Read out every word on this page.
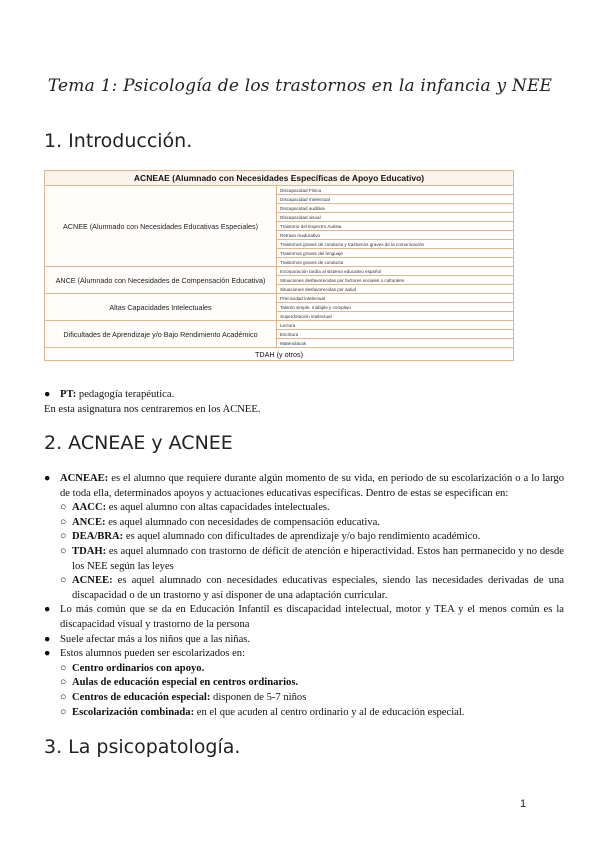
Tema 1: Psicología de los trastornos en la infancia y NEE
1. Introducción.
ACNEAE (Alumnado con Necesidades Específicas de Apoyo Educativo)	
ACNEE (Alumnado con Necesidades Educativas Especiales)	Discapacidad Física
	Discapacidad Intelectual
	Discapacidad auditiva
	Discapacidad visual
	Trastorno del Espectro Autista
	Retraso madurativo
	Trastornos graves de conducta y trastornos graves de la comunicación
	Trastornos graves del lenguaje
	Trastornos graves de conducta
ANCE (Alumnado con Necesidades de Compensación Educativa)	Incorporación tardía al sistema educativo español
	Situaciones desfavorecidas por factores sociales o culturales
	Situaciones desfavorecidas por salud
Altas Capacidades Intelectuales	Precocidad intelectual
	Talento simple, múltiple y complejo
	Superdotación intelectual
Dificultades de Aprendizaje y/o Bajo Rendimiento Académico	Lectura
	Escritura
	Matemáticas
TDAH (y otros)	
● PT: pedagogía terapéutica.
En esta asignatura nos centraremos en los ACNEE.
2. ACNEAE y ACNEE
● ACNEAE: es el alumno que requiere durante algún momento de su vida, en período de su escolarización o a lo largo de toda ella, determinados apoyos y actuaciones educativas específicas. Dentro de estas se especifican en:
○ AACC: es aquel alumno con altas capacidades intelectuales.
○ ANCE: es aquel alumnado con necesidades de compensación educativa.
○ DEA/BRA: es aquel alumnado con dificultades de aprendizaje y/o bajo rendimiento académico.
○ TDAH: es aquel alumnado con trastorno de déficit de atención e hiperactividad. Estos han permanecido y no desde los NEE según las leyes
○ ACNEE: es aquel alumnado con necesidades educativas especiales, siendo las necesidades derivadas de una discapacidad o de un trastorno y así disponer de una adaptación curricular.
● Lo más común que se da en Educación Infantil es discapacidad intelectual, motor y TEA y el menos común es la discapacidad visual y trastorno de la persona
● Suele afectar más a los niños que a las niñas.
● Estos alumnos pueden ser escolarizados en:
○ Centro ordinarios con apoyo.
○ Aulas de educación especial en centros ordinarios.
○ Centros de educación especial: disponen de 5-7 niños
○ Escolarización combinada: en el que acuden al centro ordinario y al de educación especial.
3. La psicopatología.
1
